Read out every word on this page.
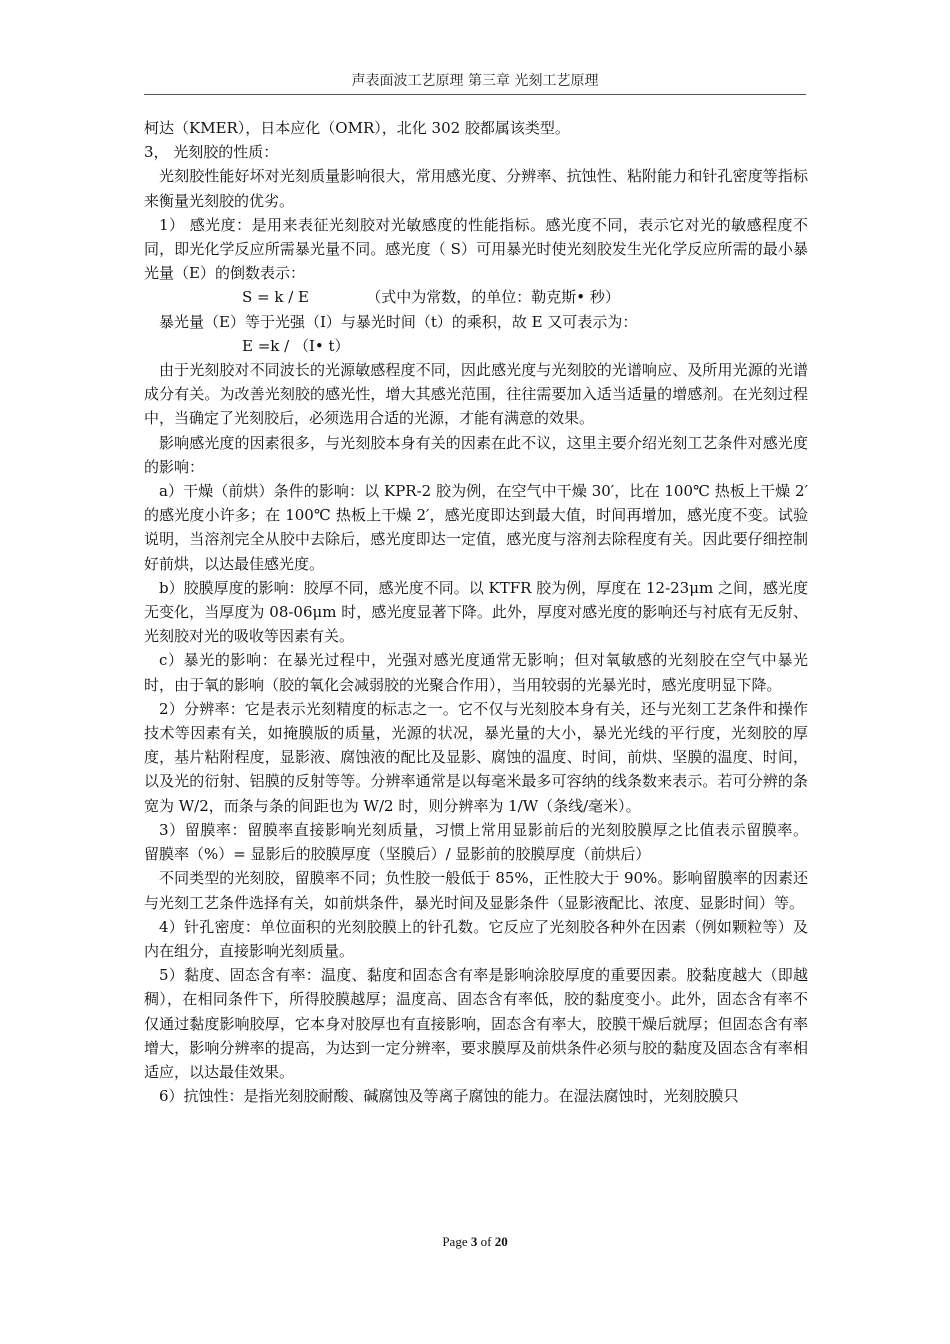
声表面波工艺原理 第三章 光刻工艺原理

柯达（KMER），日本应化（OMR），北化 302 胶都属该类型。

3， 光刻胶的性质：

光刻胶性能好坏对光刻质量影响很大，常用感光度、分辨率、抗蚀性、粘附能力和针孔密度等指标来衡量光刻胶的优劣。

1） 感光度：是用来表征光刻胶对光敏感度的性能指标。感光度不同，表示它对光的敏感程度不同，即光化学反应所需暴光量不同。感光度（ S）可用暴光时使光刻胶发生光化学反应所需的最小暴光量（E）的倒数表示：

S = k / E            （式中为常数，的单位：勒克斯• 秒）

暴光量（E）等于光强（I）与暴光时间（t）的乘积，故 E 又可表示为：

E =k / （I• t）

由于光刻胶对不同波长的光源敏感程度不同，因此感光度与光刻胶的光谱响应、及所用光源的光谱成分有关。为改善光刻胶的感光性，增大其感光范围，往往需要加入适当适量的增感剂。在光刻过程中，当确定了光刻胶后，必须选用合适的光源，才能有满意的效果。

影响感光度的因素很多，与光刻胶本身有关的因素在此不议，这里主要介绍光刻工艺条件对感光度的影响：

a）干燥（前烘）条件的影响：以 KPR-2 胶为例，在空气中干燥 30′，比在 100℃ 热板上干燥 2′的感光度小许多；在 100℃ 热板上干燥 2′，感光度即达到最大值，时间再增加，感光度不变。试验说明，当溶剂完全从胶中去除后，感光度即达一定值，感光度与溶剂去除程度有关。因此要仔细控制好前烘，以达最佳感光度。

b）胶膜厚度的影响：胶厚不同，感光度不同。以 KTFR 胶为例，厚度在 12-23μm 之间，感光度无变化，当厚度为 08-06μm 时，感光度显著下降。此外，厚度对感光度的影响还与衬底有无反射、光刻胶对光的吸收等因素有关。

c）暴光的影响：在暴光过程中，光强对感光度通常无影响；但对氧敏感的光刻胶在空气中暴光时，由于氧的影响（胶的氧化会减弱胶的光聚合作用），当用较弱的光暴光时，感光度明显下降。

2）分辨率：它是表示光刻精度的标志之一。它不仅与光刻胶本身有关，还与光刻工艺条件和操作技术等因素有关，如掩膜版的质量，光源的状况，暴光量的大小，暴光光线的平行度，光刻胶的厚度，基片粘附程度，显影液、腐蚀液的配比及显影、腐蚀的温度、时间，前烘、坚膜的温度、时间，以及光的衍射、铝膜的反射等等。分辨率通常是以每毫米最多可容纳的线条数来表示。若可分辨的条宽为 W/2，而条与条的间距也为 W/2 时，则分辨率为 1/W（条线/毫米）。

3）留膜率：留膜率直接影响光刻质量，习惯上常用显影前后的光刻胶膜厚之比值表示留膜率。      留膜率（%）= 显影后的胶膜厚度（坚膜后）/ 显影前的胶膜厚度（前烘后）

不同类型的光刻胶，留膜率不同；负性胶一般低于 85%，正性胶大于 90%。影响留膜率的因素还与光刻工艺条件选择有关，如前烘条件，暴光时间及显影条件（显影液配比、浓度、显影时间）等。

4）针孔密度：单位面积的光刻胶膜上的针孔数。它反应了光刻胶各种外在因素（例如颗粒等）及内在组分，直接影响光刻质量。

5）黏度、固态含有率：温度、黏度和固态含有率是影响涂胶厚度的重要因素。胶黏度越大（即越稠），在相同条件下，所得胶膜越厚；温度高、固态含有率低，胶的黏度变小。此外，固态含有率不仅通过黏度影响胶厚，它本身对胶厚也有直接影响，固态含有率大，胶膜干燥后就厚；但固态含有率增大，影响分辨率的提高，为达到一定分辨率，要求膜厚及前烘条件必须与胶的黏度及固态含有率相适应，以达最佳效果。

6）抗蚀性：是指光刻胶耐酸、碱腐蚀及等离子腐蚀的能力。在湿法腐蚀时，光刻胶膜只

Page 3 of 20
